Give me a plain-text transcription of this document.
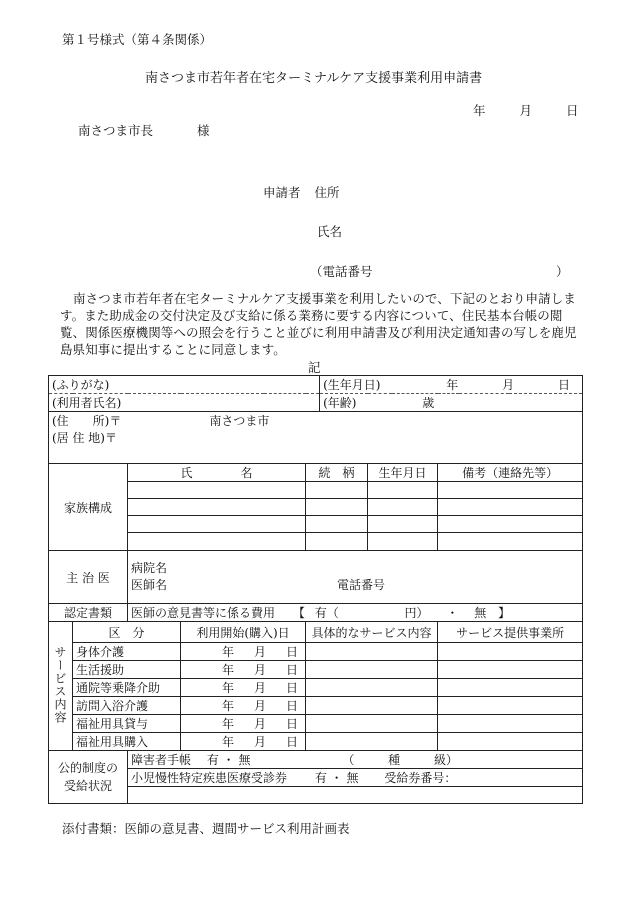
第１号様式（第４条関係）
南さつま市若年者在宅ターミナルケア支援事業利用申請書
年	月	日
南さつま市長	様
申請者 住所
氏名
（電話番号	）
南さつま市若年者在宅ターミナルケア支援事業を利用したいので、下記のとおり申請します。また助成金の交付決定及び支給に係る業務に要する内容について、住民基本台帳の閲覧、関係医療機関等への照会を行うこと並びに利用申請書及び利用決定通知書の写しを鹿児島県知事に提出することに同意します。
記
(ふりがな)					(生年月日) 年 月 日		
(利用者氏名)					(年齢) 歳		
(住　　所)〒 南さつま市
(居 住 地)〒							
家族構成		氏　　　　名		続　柄		生年月日	備考（連絡先等）

主 治 医		病院名
医師名 電話番号					
認定書類		医師の意見書等に係る費用 【 有（ 円） ・ 無 】					
サービス内容	区　分		利用開始(購入)日	具体的なサービス内容			サービス提供事業所
	身体介護		年 月 日				
	生活援助		年 月 日				
	通院等乗降介助		年 月 日				
	訪問入浴介護		年 月 日				
	福祉用具貸与		年 月 日				
	福祉用具購入		年 月 日				
公的制度の
受給状況		障害者手帳 有 ・ 無 （ 種 級）					
		小児慢性特定疾患医療受診券 有 ・ 無 受給券番号：					

添付書類：医師の意見書、週間サービス利用計画表
